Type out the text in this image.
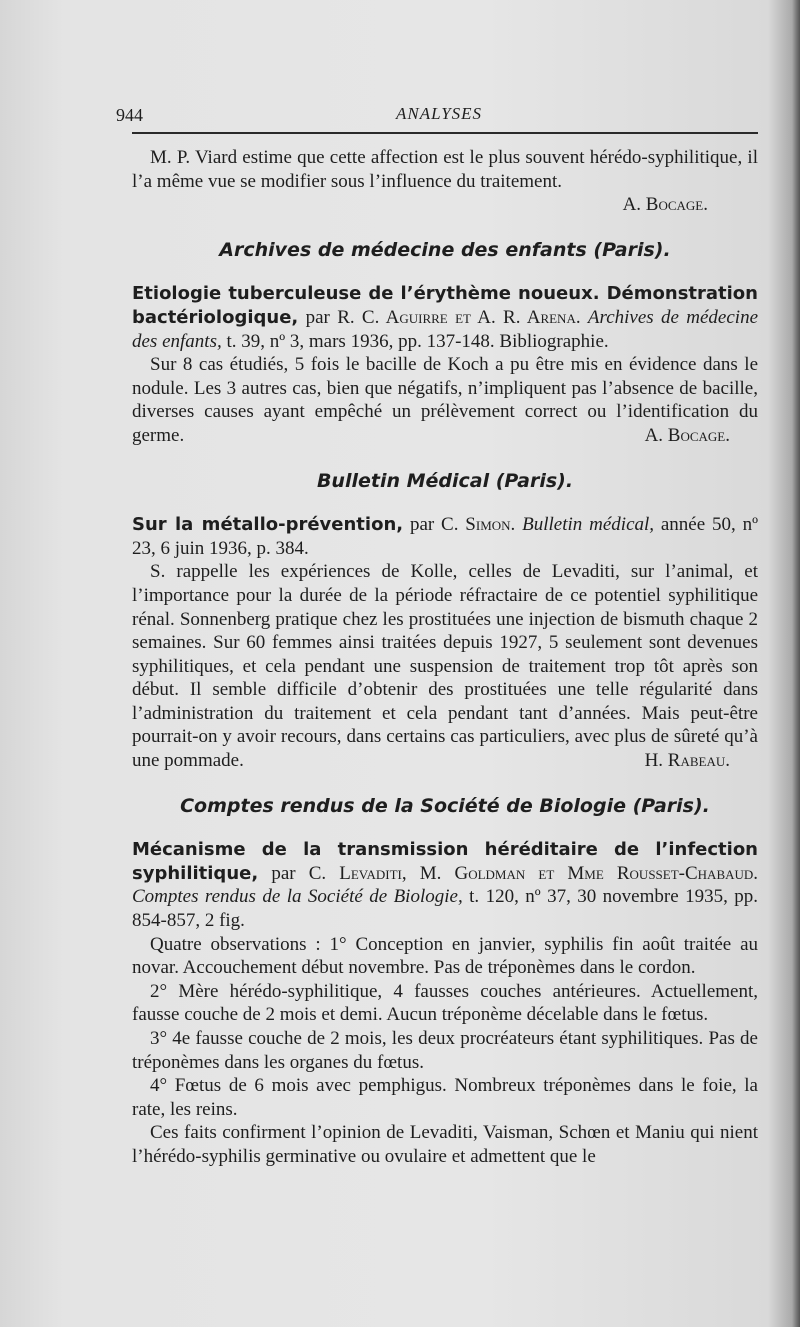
944	ANALYSES

M. P. Viard estime que cette affection est le plus souvent hérédo-syphilitique, il l’a même vue se modifier sous l’influence du traitement.

A. Bocage.

Archives de médecine des enfants (Paris).

Etiologie tuberculeuse de l’érythème noueux. Démonstration bactériologique, par R. C. Aguirre et A. R. Arena. Archives de médecine des enfants, t. 39, nº 3, mars 1936, pp. 137-148. Bibliographie.

Sur 8 cas étudiés, 5 fois le bacille de Koch a pu être mis en évidence dans le nodule. Les 3 autres cas, bien que négatifs, n’impliquent pas l’absence de bacille, diverses causes ayant empêché un prélèvement correct ou l’identification du germe.	A. Bocage.

Bulletin Médical (Paris).

Sur la métallo-prévention, par C. Simon. Bulletin médical, année 50, nº 23, 6 juin 1936, p. 384.

S. rappelle les expériences de Kolle, celles de Levaditi, sur l’animal, et l’importance pour la durée de la période réfractaire de ce potentiel syphilitique rénal. Sonnenberg pratique chez les prostituées une injection de bismuth chaque 2 semaines. Sur 60 femmes ainsi traitées depuis 1927, 5 seulement sont devenues syphilitiques, et cela pendant une suspension de traitement trop tôt après son début. Il semble difficile d’obtenir des prostituées une telle régularité dans l’administration du traitement et cela pendant tant d’années. Mais peut-être pourrait-on y avoir recours, dans certains cas particuliers, avec plus de sûreté qu’à une pommade.	H. Rabeau.

Comptes rendus de la Société de Biologie (Paris).

Mécanisme de la transmission héréditaire de l’infection syphilitique, par C. Levaditi, M. Goldman et Mme Rousset-Chabaud. Comptes rendus de la Société de Biologie, t. 120, nº 37, 30 novembre 1935, pp. 854-857, 2 fig.

Quatre observations : 1° Conception en janvier, syphilis fin août traitée au novar. Accouchement début novembre. Pas de tréponèmes dans le cordon.

2° Mère hérédo-syphilitique, 4 fausses couches antérieures. Actuellement, fausse couche de 2 mois et demi. Aucun tréponème décelable dans le fœtus.

3° 4e fausse couche de 2 mois, les deux procréateurs étant syphilitiques. Pas de tréponèmes dans les organes du fœtus.

4° Fœtus de 6 mois avec pemphigus. Nombreux tréponèmes dans le foie, la rate, les reins.

Ces faits confirment l’opinion de Levaditi, Vaisman, Schœn et Maniu qui nient l’hérédo-syphilis germinative ou ovulaire et admettent que le
